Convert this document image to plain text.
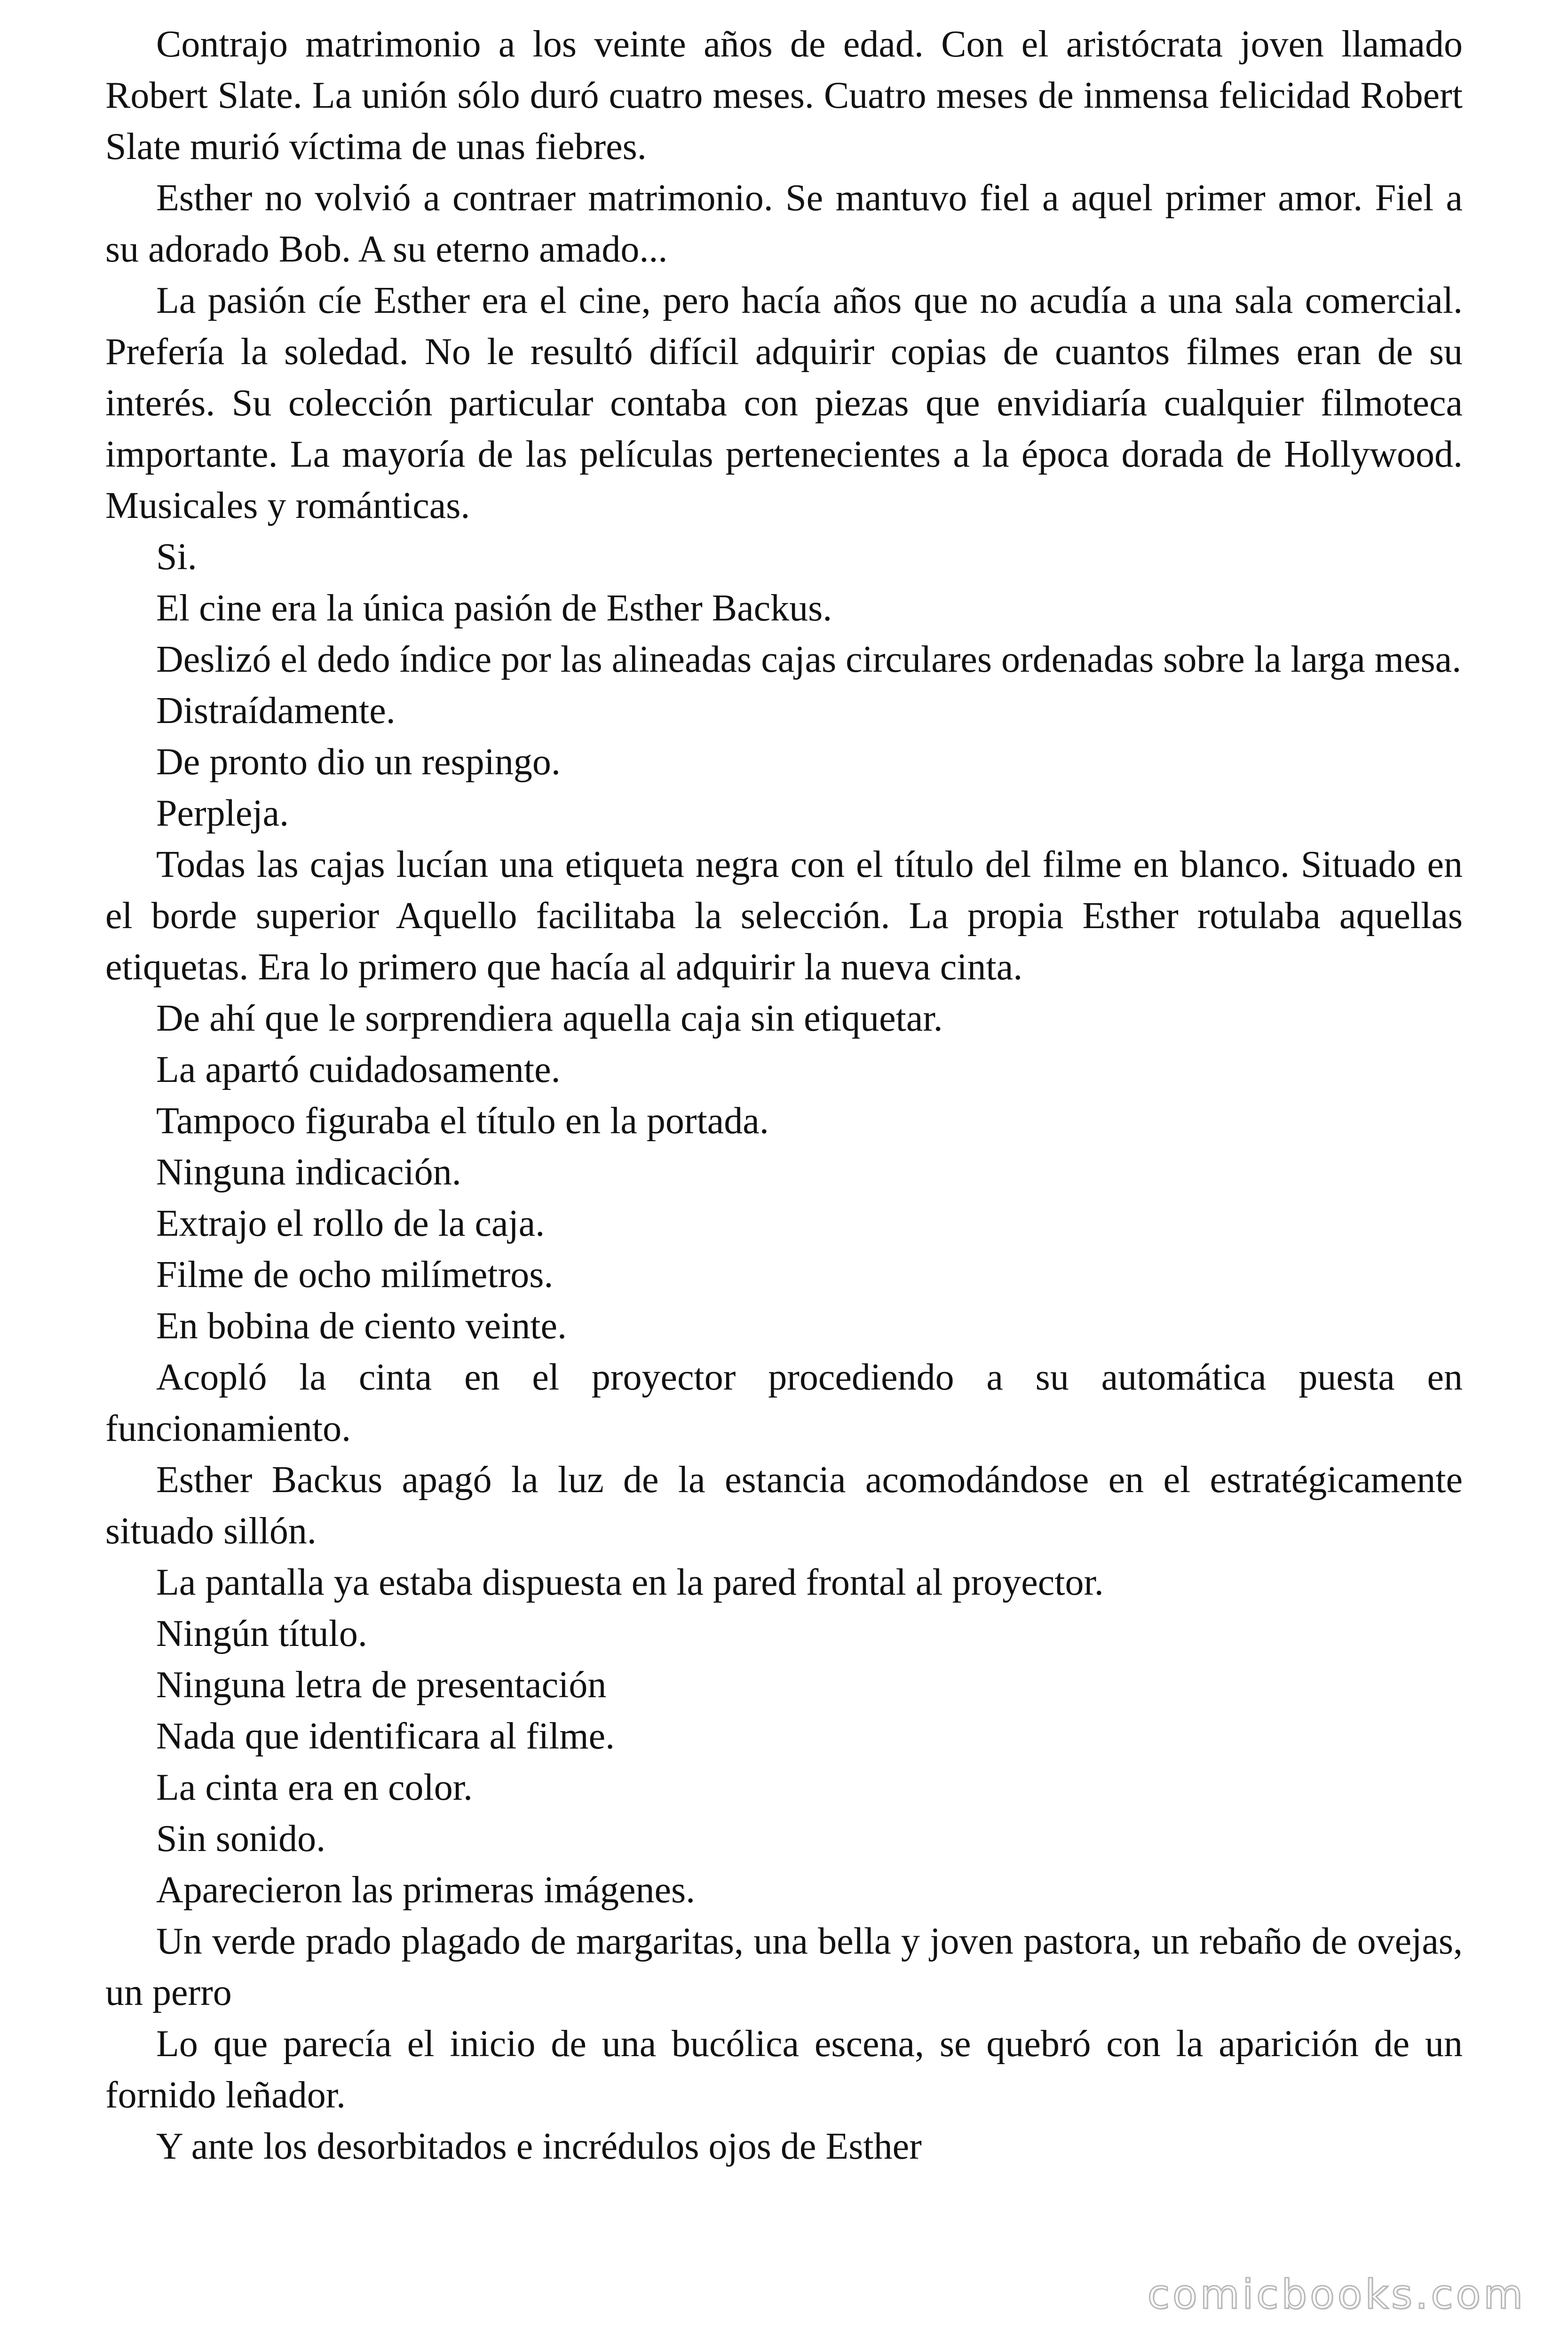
Contrajo matrimonio a los veinte años de edad. Con el aristócrata joven llamado Robert Slate. La unión sólo duró cuatro meses. Cuatro meses de inmensa felicidad Robert Slate murió víctima de unas fiebres.

Esther no volvió a contraer matrimonio. Se mantuvo fiel a aquel primer amor. Fiel a su adorado Bob. A su eterno amado...

La pasión cíe Esther era el cine, pero hacía años que no acudía a una sala comercial. Prefería la soledad. No le resultó difícil adquirir copias de cuantos filmes eran de su interés. Su colección particular contaba con piezas que envidiaría cualquier filmoteca importante. La mayoría de las películas pertenecientes a la época dorada de Hollywood. Musicales y románticas.

Si.

El cine era la única pasión de Esther Backus.

Deslizó el dedo índice por las alineadas cajas circulares ordenadas sobre la larga mesa.

Distraídamente.

De pronto dio un respingo.

Perpleja.

Todas las cajas lucían una etiqueta negra con el título del filme en blanco. Situado en el borde superior Aquello facilitaba la selección. La propia Esther rotulaba aquellas etiquetas. Era lo primero que hacía al adquirir la nueva cinta.

De ahí que le sorprendiera aquella caja sin etiquetar.

La apartó cuidadosamente.

Tampoco figuraba el título en la portada.

Ninguna indicación.

Extrajo el rollo de la caja.

Filme de ocho milímetros.

En bobina de ciento veinte.

Acopló la cinta en el proyector procediendo a su automática puesta en funcionamiento.

Esther Backus apagó la luz de la estancia acomodándose en el estratégicamente situado sillón.

La pantalla ya estaba dispuesta en la pared frontal al proyector.

Ningún título.

Ninguna letra de presentación

Nada que identificara al filme.

La cinta era en color.

Sin sonido.

Aparecieron las primeras imágenes.

Un verde prado plagado de margaritas, una bella y joven pastora, un rebaño de ovejas, un perro

Lo que parecía el inicio de una bucólica escena, se quebró con la aparición de un fornido leñador.

Y ante los desorbitados e incrédulos ojos de Esther

comicbooks.com
